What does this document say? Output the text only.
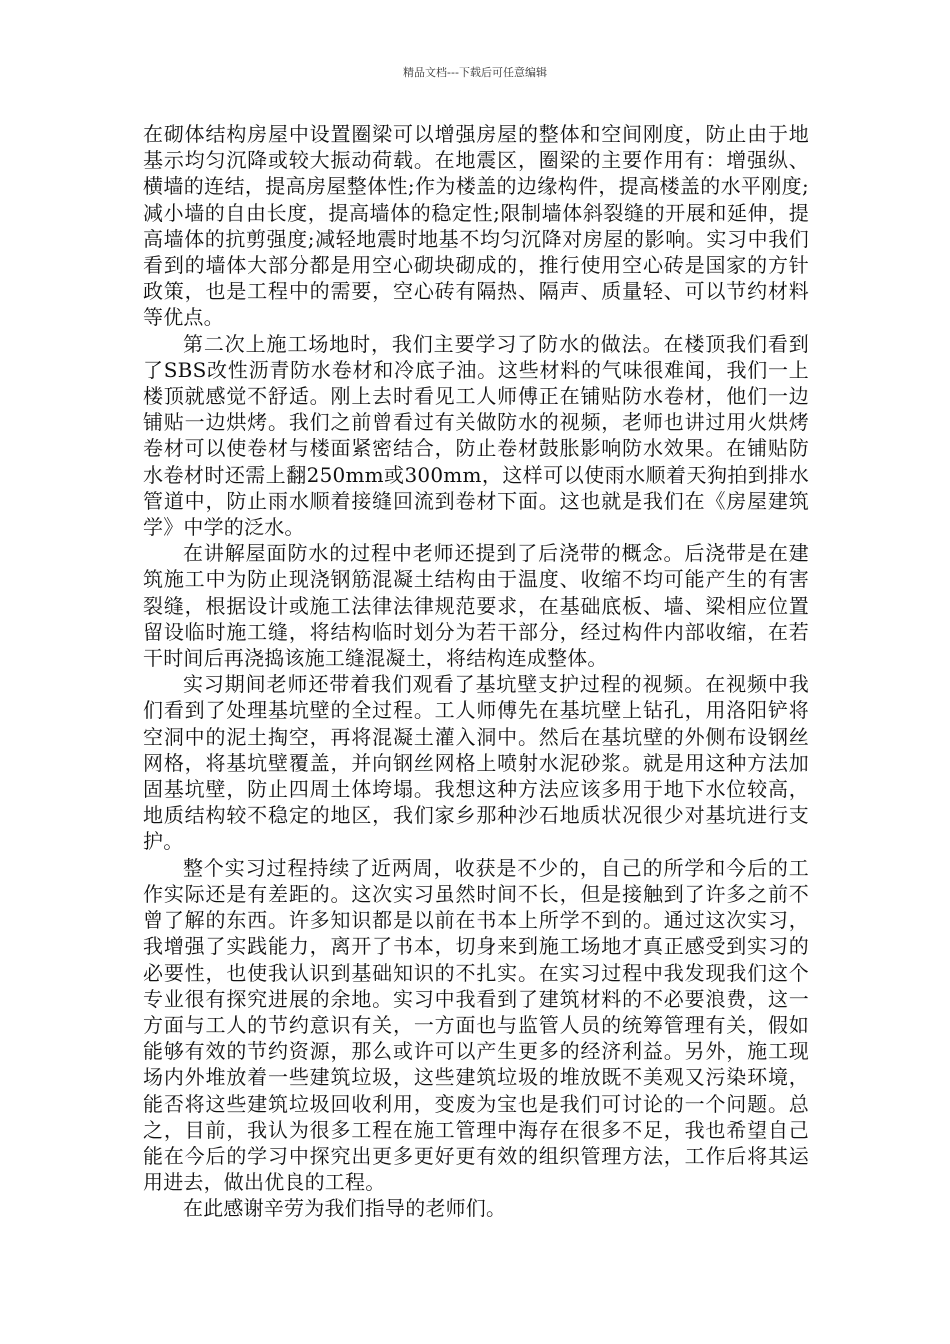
精品文档---下载后可任意编辑

在砌体结构房屋中设置圈梁可以增强房屋的整体和空间刚度，防止由于地基示均匀沉降或较大振动荷载。在地震区，圈梁的主要作用有：增强纵、横墙的连结，提高房屋整体性;作为楼盖的边缘构件，提高楼盖的水平刚度;减小墙的自由长度，提高墙体的稳定性;限制墙体斜裂缝的开展和延伸，提高墙体的抗剪强度;减轻地震时地基不均匀沉降对房屋的影响。实习中我们看到的墙体大部分都是用空心砌块砌成的，推行使用空心砖是国家的方针政策，也是工程中的需要，空心砖有隔热、隔声、质量轻、可以节约材料等优点。

第二次上施工场地时，我们主要学习了防水的做法。在楼顶我们看到了SBS改性沥青防水卷材和冷底子油。这些材料的气味很难闻，我们一上楼顶就感觉不舒适。刚上去时看见工人师傅正在铺贴防水卷材，他们一边铺贴一边烘烤。我们之前曾看过有关做防水的视频，老师也讲过用火烘烤卷材可以使卷材与楼面紧密结合，防止卷材鼓胀影响防水效果。在铺贴防水卷材时还需上翻250mm或300mm，这样可以使雨水顺着天狗拍到排水管道中，防止雨水顺着接缝回流到卷材下面。这也就是我们在《房屋建筑学》中学的泛水。

在讲解屋面防水的过程中老师还提到了后浇带的概念。后浇带是在建筑施工中为防止现浇钢筋混凝土结构由于温度、收缩不均可能产生的有害裂缝，根据设计或施工法律法律规范要求，在基础底板、墙、梁相应位置留设临时施工缝，将结构临时划分为若干部分，经过构件内部收缩，在若干时间后再浇捣该施工缝混凝土，将结构连成整体。

实习期间老师还带着我们观看了基坑壁支护过程的视频。在视频中我们看到了处理基坑壁的全过程。工人师傅先在基坑壁上钻孔，用洛阳铲将空洞中的泥土掏空，再将混凝土灌入洞中。然后在基坑壁的外侧布设钢丝网格，将基坑壁覆盖，并向钢丝网格上喷射水泥砂浆。就是用这种方法加固基坑壁，防止四周土体垮塌。我想这种方法应该多用于地下水位较高，地质结构较不稳定的地区，我们家乡那种沙石地质状况很少对基坑进行支护。

整个实习过程持续了近两周，收获是不少的，自己的所学和今后的工作实际还是有差距的。这次实习虽然时间不长，但是接触到了许多之前不曾了解的东西。许多知识都是以前在书本上所学不到的。通过这次实习，我增强了实践能力，离开了书本，切身来到施工场地才真正感受到实习的必要性，也使我认识到基础知识的不扎实。在实习过程中我发现我们这个专业很有探究进展的余地。实习中我看到了建筑材料的不必要浪费，这一方面与工人的节约意识有关，一方面也与监管人员的统筹管理有关，假如能够有效的节约资源，那么或许可以产生更多的经济利益。另外，施工现场内外堆放着一些建筑垃圾，这些建筑垃圾的堆放既不美观又污染环境，能否将这些建筑垃圾回收利用，变废为宝也是我们可讨论的一个问题。总之，目前，我认为很多工程在施工管理中海存在很多不足，我也希望自己能在今后的学习中探究出更多更好更有效的组织管理方法，工作后将其运用进去，做出优良的工程。

在此感谢辛劳为我们指导的老师们。
